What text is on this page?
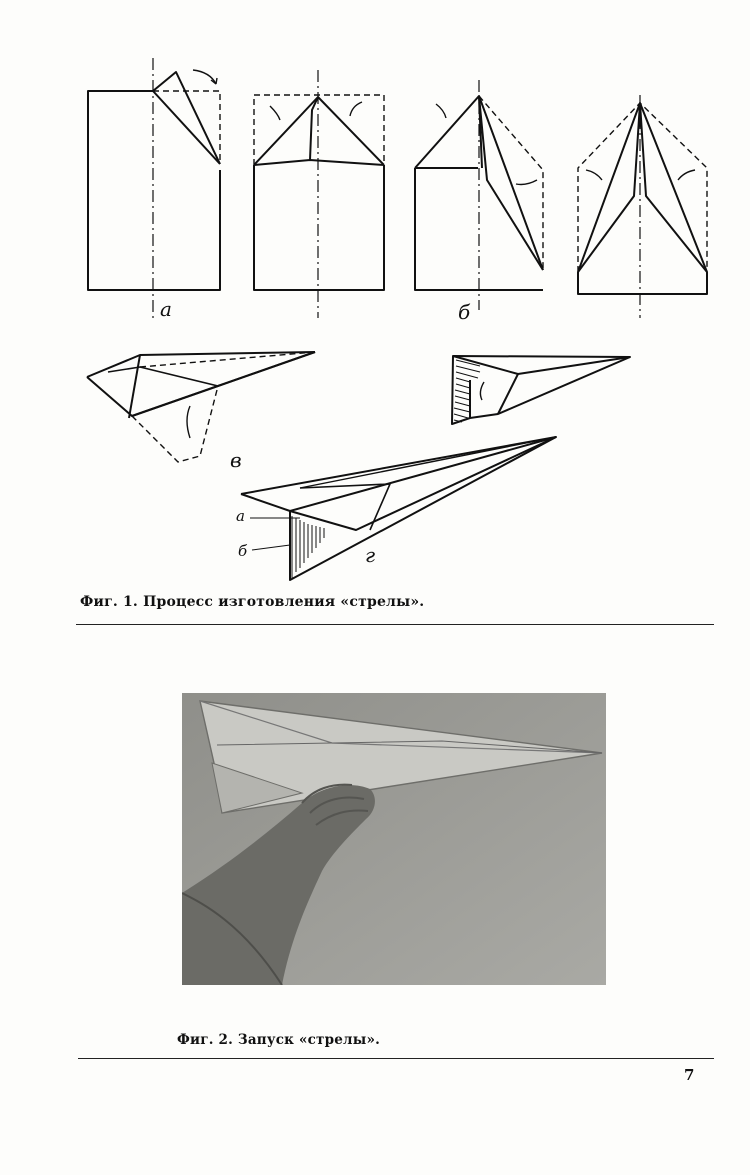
а	б
в
г
а
б
Фиг. 1. Процесс изготовления «стрелы».
Фиг. 2. Запуск «стрелы».
7
